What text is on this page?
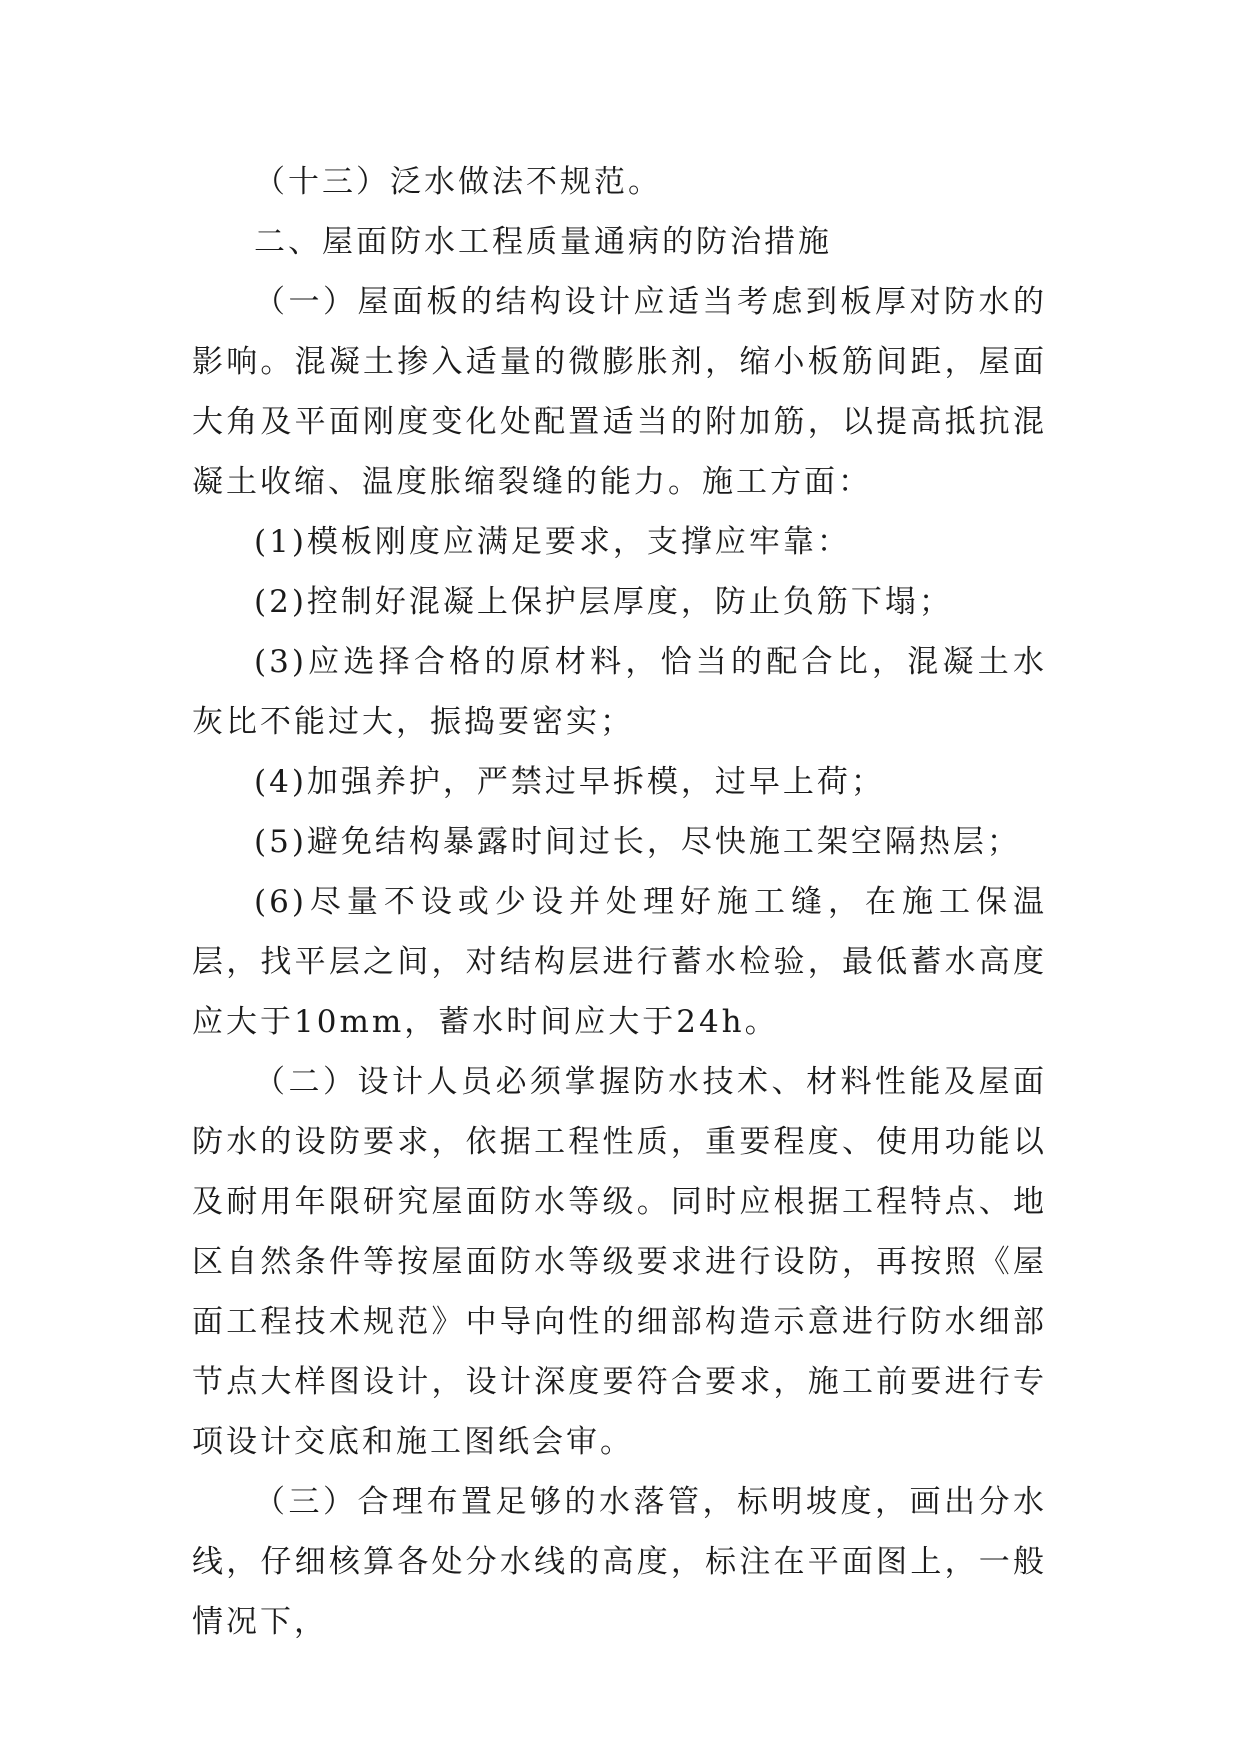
（十三）泛水做法不规范。

二、屋面防水工程质量通病的防治措施

（一）屋面板的结构设计应适当考虑到板厚对防水的影响。混凝土掺入适量的微膨胀剂，缩小板筋间距，屋面大角及平面刚度变化处配置适当的附加筋，以提高抵抗混凝土收缩、温度胀缩裂缝的能力。施工方面：

(1)模板刚度应满足要求，支撑应牢靠：

(2)控制好混凝上保护层厚度，防止负筋下塌；

(3)应选择合格的原材料，恰当的配合比，混凝土水灰比不能过大，振捣要密实；

(4)加强养护，严禁过早拆模，过早上荷；

(5)避免结构暴露时间过长，尽快施工架空隔热层；

(6)尽量不设或少设并处理好施工缝，在施工保温层，找平层之间，对结构层进行蓄水检验，最低蓄水高度应大于10mm，蓄水时间应大于24h。

（二）设计人员必须掌握防水技术、材料性能及屋面防水的设防要求，依据工程性质，重要程度、使用功能以及耐用年限研究屋面防水等级。同时应根据工程特点、地区自然条件等按屋面防水等级要求进行设防，再按照《屋面工程技术规范》中导向性的细部构造示意进行防水细部节点大样图设计，设计深度要符合要求，施工前要进行专项设计交底和施工图纸会审。

（三）合理布置足够的水落管，标明坡度，画出分水线，仔细核算各处分水线的高度，标注在平面图上，一般情况下，
